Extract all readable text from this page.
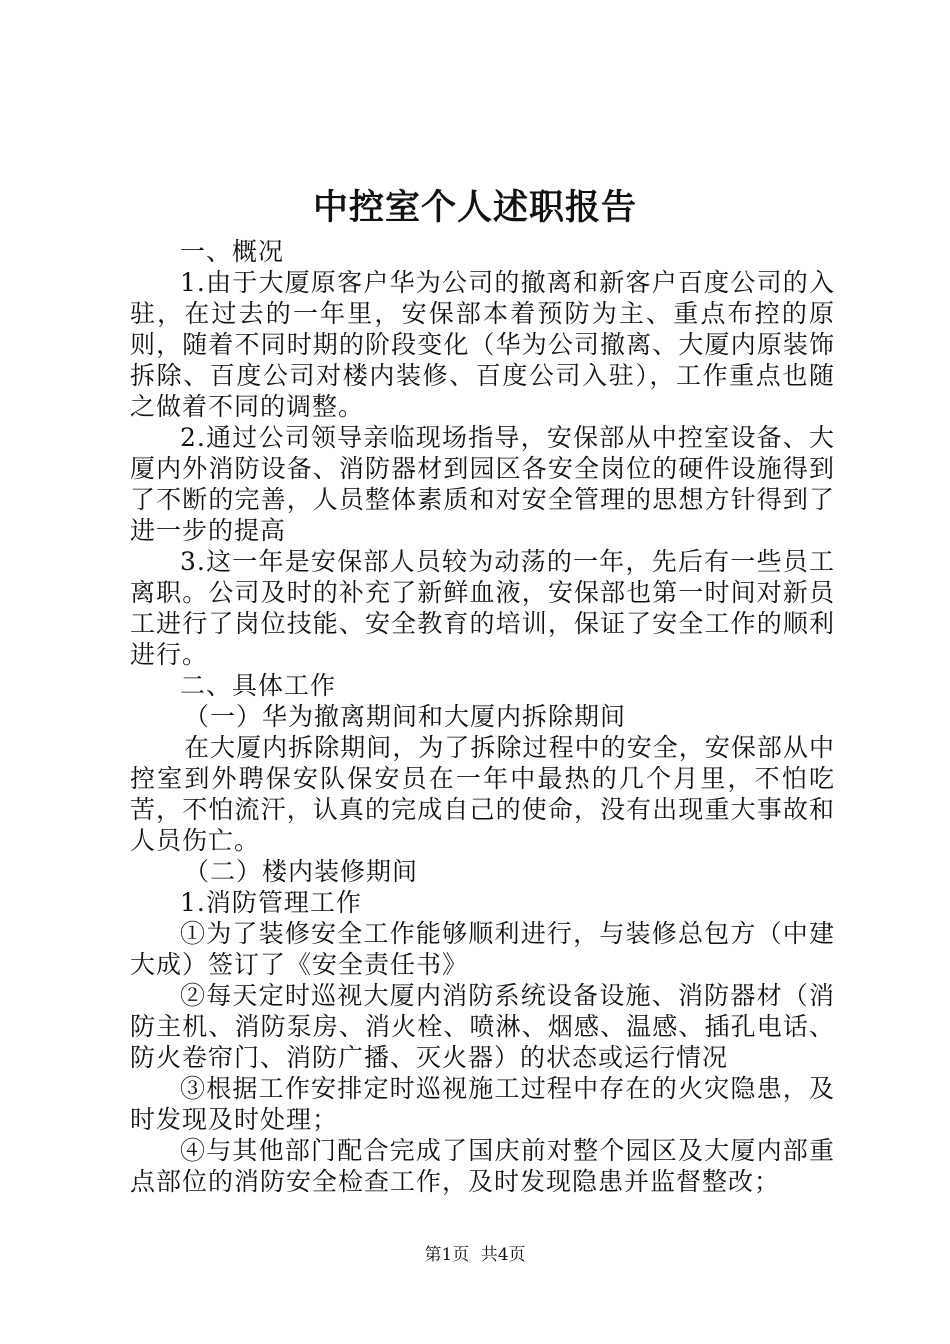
中控室个人述职报告

一、概况

1.由于大厦原客户华为公司的撤离和新客户百度公司的入驻，在过去的一年里，安保部本着预防为主、重点布控的原则，随着不同时期的阶段变化（华为公司撤离、大厦内原装饰拆除、百度公司对楼内装修、百度公司入驻），工作重点也随之做着不同的调整。

2.通过公司领导亲临现场指导，安保部从中控室设备、大厦内外消防设备、消防器材到园区各安全岗位的硬件设施得到了不断的完善，人员整体素质和对安全管理的思想方针得到了进一步的提高

3.这一年是安保部人员较为动荡的一年，先后有一些员工离职。公司及时的补充了新鲜血液，安保部也第一时间对新员工进行了岗位技能、安全教育的培训，保证了安全工作的顺利进行。

二、具体工作

（一）华为撤离期间和大厦内拆除期间

在大厦内拆除期间，为了拆除过程中的安全，安保部从中控室到外聘保安队保安员在一年中最热的几个月里，不怕吃苦，不怕流汗，认真的完成自己的使命，没有出现重大事故和人员伤亡。

（二）楼内装修期间

1.消防管理工作

①为了装修安全工作能够顺利进行，与装修总包方（中建大成）签订了《安全责任书》

②每天定时巡视大厦内消防系统设备设施、消防器材（消防主机、消防泵房、消火栓、喷淋、烟感、温感、插孔电话、防火卷帘门、消防广播、灭火器）的状态或运行情况

③根据工作安排定时巡视施工过程中存在的火灾隐患，及时发现及时处理；

④与其他部门配合完成了国庆前对整个园区及大厦内部重点部位的消防安全检查工作，及时发现隐患并监督整改；

第1页 共4页
